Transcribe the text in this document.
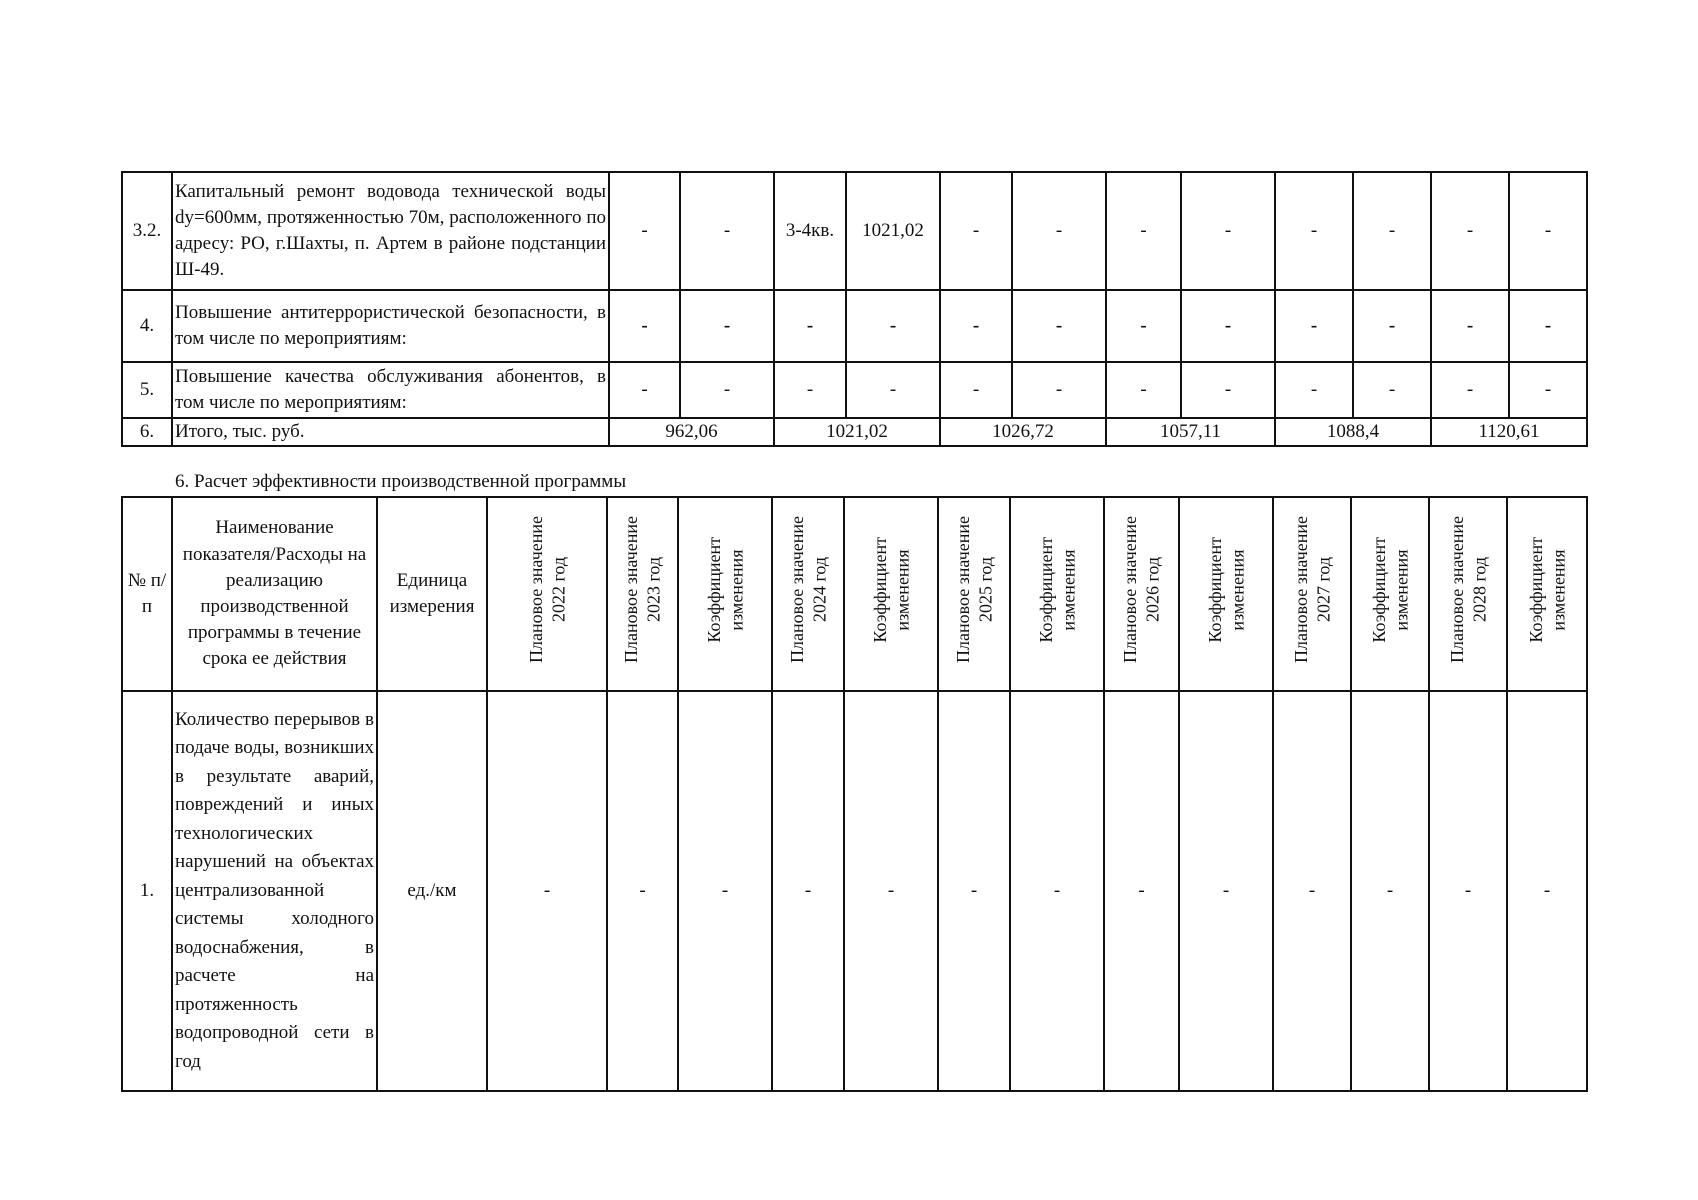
3.2.	Капитальный ремонт водовода технической воды dy=600мм, протяженностью 70м, расположенного по адресу: РО, г.Шахты, п. Артем в районе подстанции Ш-49.	-	-	3-4кв.	1021,02	-	-	-	-	-	-	-	-
4.	Повышение антитеррористической безопасности, в том числе по мероприятиям:	-	-	-	-	-	-	-	-	-	-	-	-
5.	Повышение качества обслуживания абонентов, в том числе по мероприятиям:	-	-	-	-	-	-	-	-	-	-	-	-
6.	Итого, тыс. руб.	962,06		1021,02		1026,72		1057,11		1088,4		1120,61	
6. Расчет эффективности производственной программы
№ п/п	Наименование показателя/Расходы на реализацию производственной программы в течение срока ее действия	Единица измерения	Плановое значение 2022 год	Плановое значение 2023 год	Коэффициент изменения	Плановое значение 2024 год	Коэффициент изменения	Плановое значение 2025 год	Коэффициент изменения	Плановое значение 2026 год	Коэффициент изменения	Плановое значение 2027 год	Коэффициент изменения	Плановое значение 2028 год	Коэффициент изменения
1.	Количество перерывов в подаче воды, возникших в результате аварий, повреждений и иных технологических нарушений на объектах централизованной системы холодного водоснабжения, в расчете на протяженность водопроводной сети в год	ед./км	-	-	-	-	-	-	-	-	-	-	-	-	-
